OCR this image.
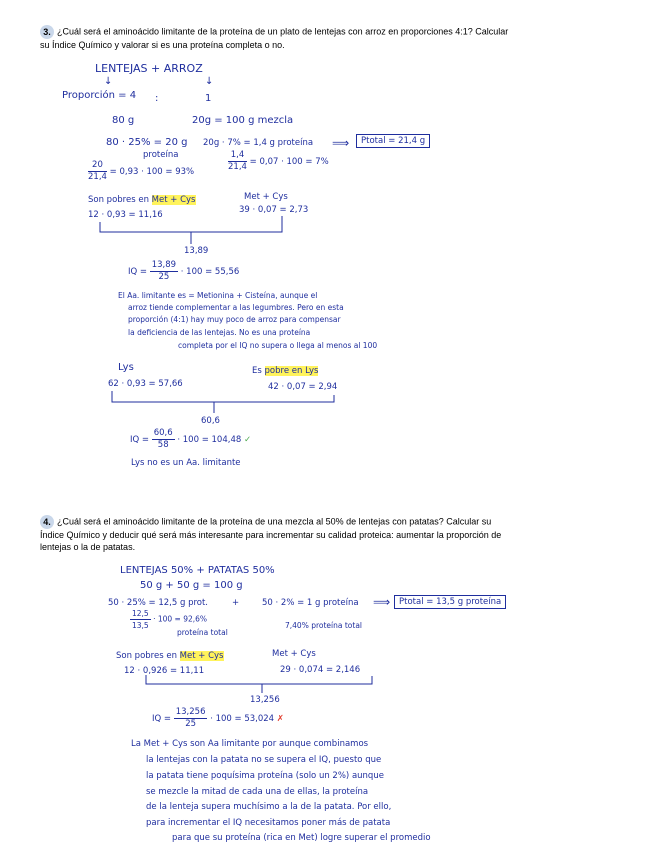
3. ¿Cuál será el aminoácido limitante de la proteína de un plato de lentejas con arroz en proporciones 4:1? Calcular su Índice Químico y valorar si es una proteína completa o no.
LENTEJAS + ARROZ
↓	↓
Proporción = 4 :	1
80 g	20g = 100 g mezcla
80 · 25% = 20 g
proteína
20g · 7% = 1,4 g proteína ⟹	Ptotal = 21,4 g
$\frac{20}{21,4} = 0,93 \cdot 100 = 93\%$	$\frac{1,4}{21,4} = 0,07 \cdot 100 = 7\%$
Son pobres en Met + Cys
12 · 0,93 = 11,16
Met + Cys
39 · 0,07 = 2,73
13,89
IQ = $\frac{13,89}{25} \cdot 100 = 55,56$
El Aa. limitante es = Metionina + Cisteína, aunque el
arroz tiende complementar a las legumbres. Pero en esta
proporción (4:1) hay muy poco de arroz para compensar
la deficiencia de las lentejas. No es una proteína
completa por el IQ no supera o llega al menos al 100
Lys
62 · 0,93 = 57,66
Es pobre en Lys
42 · 0,07 = 2,94
60,6
IQ = $\frac{60,6}{58} \cdot 100 = 104,48$ ✓
Lys no es un Aa. limitante
4. ¿Cuál será el aminoácido limitante de la proteína de una mezcla al 50% de lentejas con patatas? Calcular su Índice Químico y deducir qué será más interesante para incrementar su calidad proteica: aumentar la proporción de lentejas o la de patatas.
LENTEJAS 50% + PATATAS 50%
50 g + 50 g = 100 g
50 · 25% = 12,5 g prot.	+	50 · 2% = 1 g proteína ⟹	Ptotal = 13,5 g proteína
$\frac{12,5}{13,5} \cdot 100 = 92,6\%$
proteína total
7,40% proteína total
Son pobres en Met + Cys
12 · 0,926 = 11,11
Met + Cys
29 · 0,074 = 2,146
13,256
IQ = $\frac{13,256}{25} \cdot 100 = 53,024$ ✗
La Met + Cys son Aa limitante por aunque combinamos
la lentejas con la patata no se supera el IQ, puesto que
la patata tiene poquísima proteína (solo un 2%) aunque
se mezcle la mitad de cada una de ellas, la proteína
de la lenteja supera muchísimo a la de la patata. Por ello,
para incrementar el IQ necesitamos poner más de patata
para que su proteína (rica en Met) logre superar el promedio
